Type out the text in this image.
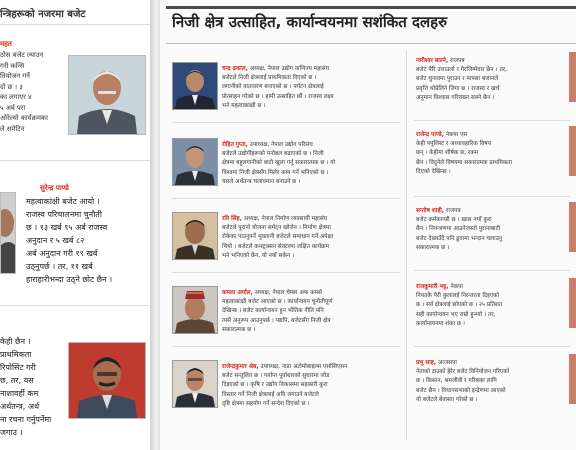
न्त्रिहरूको नजरमा बजेट
महत
ठोस बजेट ल्याउन
गरी कन्सि
तियोजन गर्ने
दो छ । ३
का लगाएर ४
५ अर्ब परा
ओरेल्यो कार्यक्रमका
ले समेटिन
सुरेन्द्र पाण्डे
महत्वाकांक्षी बजेट आयो ।
राजस्व परिचालनमा चुनौती
छ । १३ खर्ब ९५ अर्ब राजस्व
अनुदान र ५ खर्ब ८२
अर्ब अनुदान गरी १९ खर्ब
उठ्नुपर्छ । तर, ११ खर्ब
हाराहारीभन्दा उठ्ने छोट छैन ।
केही छैन ।
प्राथमिकता
रिपोसिंट गरी
छ, तर, यस
नाशावर्ही कम
अर्थतन्त्र, अर्थ
ना रचना गर्नुपर्नेमा
जगाउ ।
निजी क्षेत्र उत्साहित, कार्यान्वयनमा सशंकित दलहरु
चन्द्र ढकाल, अध्यक्ष, नेपाल उद्योग वाणिज्य महासंघ
बजेटले निजी क्षेत्रलाई प्राथमिकता दिएको छ ।
लगानीको वातावरण बनाएको छ । पर्यटन क्षेत्रलाई
प्रोत्साहन गरेको छ । हामी उत्साहित छौं । राजस्व लक्ष्य
भने महत्वाकांक्षी छ ।
रोहित गुप्ता, उपाध्यक्ष, नेपाल उद्योग परिसंघ
बजेटले उद्योगीहरूको मनोबल बढाएको छ । निजी
क्षेत्रमा बहुलगानीको बाटो खुला गर्नु सकारात्मक छ । यो
विश्वमा निजी क्षेत्रसँग मिलेर काम गर्ने भनिएको छ ।
यसले अर्थतन्त्र चलायमान बनाउने छ ।
रवि सिंह, अध्यक्ष, नेपाल निर्माण व्यवसायी महासंघ
बजेटले पुरानो योजना समेट्न खोजेन । निर्माण क्षेत्रमा
रोकेका पाउनुपर्ने भुक्तानी बजेटले समाधान गर्ने अपेक्षा
थियो । बजेटले कन्स्ट्रक्सन सेक्टरमा लक्षित कार्यक्रम
भने भनिएको छैन, यो नयाँ सकेन ।
कमला अर्याल, अध्यक्ष, नेपाल चेम्बर अफ कमर्स
महत्वाकांक्षी बजेट आएको छ । कार्यान्वयन चुनौतीपूर्ण
देखिन्छ । बजेट कार्यान्वयन हुन भौतिक नीति पनि
त्यसै अनुरूप आउनुपर्छ । यद्यपि, बजेटसँग निजी क्षेत्र
सकारात्मक छ ।
राजेन्द्रकुमार श्रेष्ठ, उपाध्यक्ष, नाडा अटोमोबाइल्स एसोसिएसन
बजेट सन्तुलित छ । पर्याप्त पूर्वाधारको सुधारमा जोड
दिइएको छ । कृषि र उद्योग विकासमा सहकारी कुरा
विस्तार गर्ने निजी क्षेत्रलाई अघि लगाउने बजेटले
दृष्टि क्षेत्रमा सहयोग गर्ने सन्देश दिएको छ ।
न्वरीश्वर बाल्ने, राजपत्र
बजेट पैरि उत्ताउलो र गैरजिम्मेवार छैन । तर,
बजेट चुनावमा पुराउन र मापसा बजानले
प्रवृत्ति थोप्रेलिने जिगा छ । राजस्व र खर्च
अनुमान विश्वास गरिराख्न सक्ने छैन ।
राजेन्द्र पाण्डे, नेकपा एस
केही पपुलिस्ट र अध्यावहारिक विषय
छन् । केहीमा शीर्षक छ, रकम
छैन । विदुनेले विषयमा सकारात्मक प्राथमिकता
दिएको देखिन्छ ।
सन्तोष शाही, राजपत्र
बजेट कर्मकाण्डी छ । खास नयाँ कुरा
छैन । नियन्त्रणमा आउनेजस्तो पुरानाबाटी
बजेट देख्यउँदै पनि ढुवामा भन्दान चलाउनु
सकारात्मक छ ।
राजकुमारी भट्ट, नेकपा
नियतकै पैरी कुलालई निरन्तरता दिइएको
छ । सर्व क्षेत्रलाई छोएको छ । २५ प्रतिशत
सही कार्यान्वयन भए राम्रो हुन्थ्यो । तर,
कार्यान्वयनमा शंका छ ।
प्रभु साह, आजसपा
नेताको टाउको हेरेर बजेट विनियोजन गरिएको
छ । किसान, श्रमजीवी र गरिबका लागि
बजेट छैन । विधानसभाको इन्द्रेणमा आएको
यो बजेटले बेवास्ता गरेको छ ।
